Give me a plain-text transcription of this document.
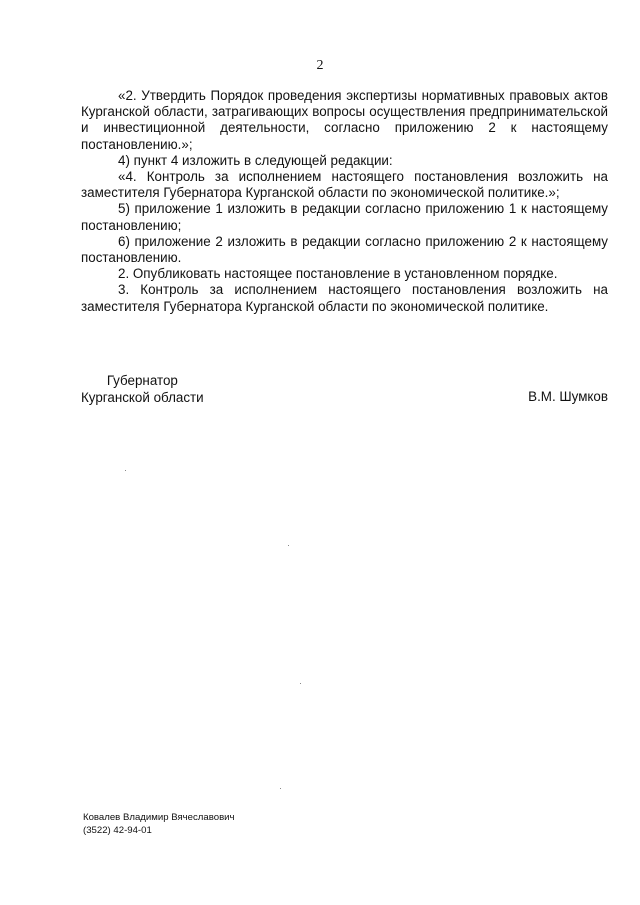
2

«2. Утвердить Порядок проведения экспертизы нормативных правовых актов Курганской области, затрагивающих вопросы осуществления предпринимательской и инвестиционной деятельности, согласно приложению 2 к настоящему постановлению.»;

4) пункт 4 изложить в следующей редакции:

«4. Контроль за исполнением настоящего постановления возложить на заместителя Губернатора Курганской области по экономической политике.»;

5) приложение 1 изложить в редакции согласно приложению 1 к настоящему постановлению;

6) приложение 2 изложить в редакции согласно приложению 2 к настоящему постановлению.

2. Опубликовать настоящее постановление в установленном порядке.

3. Контроль за исполнением настоящего постановления возложить на заместителя Губернатора Курганской области по экономической политике.

Губернатор
Курганской области	В.М. Шумков
Ковалев Владимир Вячеславович
(3522) 42-94-01
